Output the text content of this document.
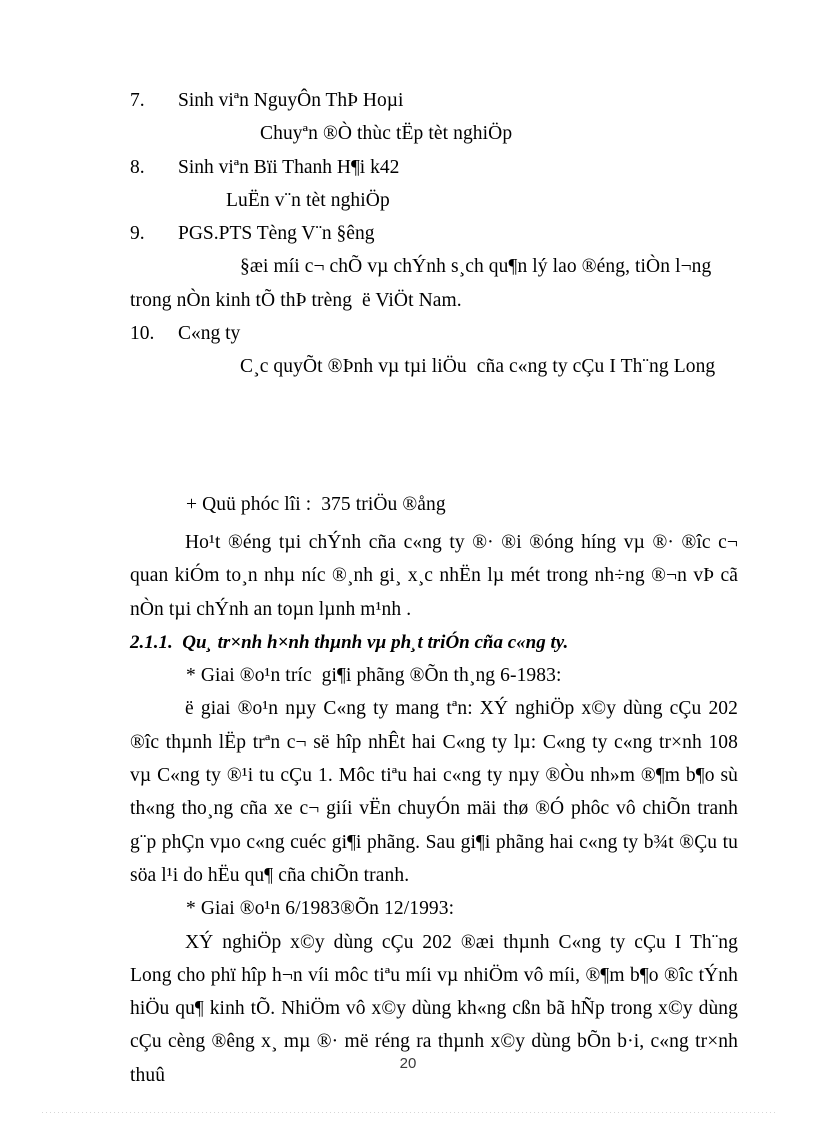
7. Sinh viªn NguyÔn ThÞ Hoµi
Chuyªn ®Ò thùc tËp tèt nghiÖp
8. Sinh viªn Bïi Thanh H¶i k42
LuËn v¨n tèt nghiÖp
9. PGS.PTS Tèng V¨n §êng
§æi míi c¬ chÕ vµ chÝnh s¸ch qu¶n lý lao ®éng, tiÒn l¬ng
trong nÒn kinh tÕ thÞ trèng  ë ViÖt Nam.
10. C«ng ty
C¸c quyÕt ®Þnh vµ tµi liÖu  cña c«ng ty cÇu I Th¨ng Long
+ Quü phóc lîi :  375 triÖu ®ång
Ho¹t ®éng tµi chÝnh cña c«ng ty ®· ®i ®óng híng vµ ®· ®îc c¬ quan kiÓm to¸n nhµ níc ®¸nh gi¸ x¸c nhËn lµ mét trong nh÷ng ®¬n vÞ cã nÒn tµi chÝnh an toµn lµnh m¹nh .
2.1.1.  Qu¸ tr×nh h×nh thµnh vµ ph¸t triÓn cña c«ng ty.
* Giai ®o¹n tríc  gi¶i phãng ®Õn th¸ng 6-1983:
ë giai ®o¹n nµy C«ng ty mang tªn: XÝ nghiÖp x©y dùng cÇu 202 ®îc thµnh lËp trªn c¬ së hîp nhÊt hai C«ng ty lµ: C«ng ty c«ng tr×nh 108 vµ C«ng ty ®¹i tu cÇu 1. Môc tiªu hai c«ng ty nµy ®Òu nh»m ®¶m b¶o sù th«ng tho¸ng cña xe c¬ giíi vËn chuyÓn mäi thø ®Ó phôc vô chiÕn tranh g¨p phÇn vµo c«ng cuéc gi¶i phãng. Sau gi¶i phãng hai c«ng ty b¾t ®Çu tu söa l¹i do hËu qu¶ cña chiÕn tranh.
* Giai ®o¹n 6/1983®Õn 12/1993:
XÝ nghiÖp x©y dùng cÇu 202 ®æi thµnh C«ng ty cÇu I Th¨ng Long cho phï hîp h¬n víi môc tiªu míi vµ nhiÖm vô míi, ®¶m b¶o ®îc tÝnh hiÖu qu¶ kinh tÕ. NhiÖm vô x©y dùng kh«ng cßn bã hÑp trong x©y dùng cÇu cèng ®êng x¸ mµ ®· më réng ra thµnh x©y dùng bÕn b·i, c«ng tr×nh thuû
20
